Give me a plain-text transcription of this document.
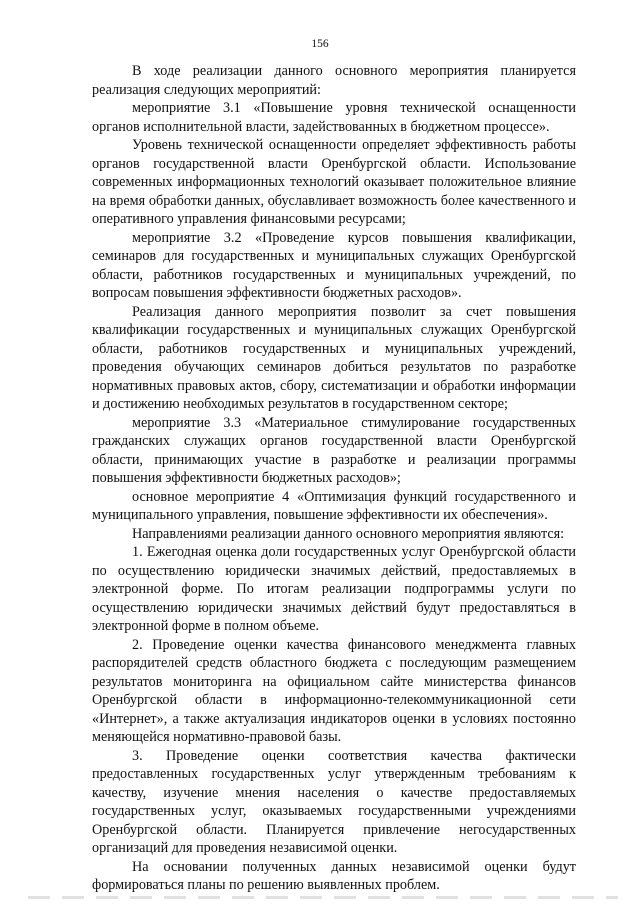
156

В ходе реализации данного основного мероприятия планируется реализация следующих мероприятий:

мероприятие 3.1 «Повышение уровня технической оснащенности органов исполнительной власти, задействованных в бюджетном процессе».

Уровень технической оснащенности определяет эффективность работы органов государственной власти Оренбургской области. Использование современных информационных технологий оказывает положительное влияние на время обработки данных, обуславливает возможность более качественного и оперативного управления финансовыми ресурсами;

мероприятие 3.2 «Проведение курсов повышения квалификации, семинаров для государственных и муниципальных служащих Оренбургской области, работников государственных и муниципальных учреждений, по вопросам повышения эффективности бюджетных расходов».

Реализация данного мероприятия позволит за счет повышения квалификации государственных и муниципальных служащих Оренбургской области, работников государственных и муниципальных учреждений, проведения обучающих семинаров добиться результатов по разработке нормативных правовых актов, сбору, систематизации и обработки информации и достижению необходимых результатов в государственном секторе;

мероприятие 3.3 «Материальное стимулирование государственных гражданских служащих органов государственной власти Оренбургской области, принимающих участие в разработке и реализации программы повышения эффективности бюджетных расходов»;

основное мероприятие 4 «Оптимизация функций государственного и муниципального управления, повышение эффективности их обеспечения».

Направлениями реализации данного основного мероприятия являются:

1. Ежегодная оценка доли государственных услуг Оренбургской области по осуществлению юридически значимых действий, предоставляемых в электронной форме. По итогам реализации подпрограммы услуги по осуществлению юридически значимых действий будут предоставляться в электронной форме в полном объеме.

2. Проведение оценки качества финансового менеджмента главных распорядителей средств областного бюджета с последующим размещением результатов мониторинга на официальном сайте министерства финансов Оренбургской области в информационно-телекоммуникационной сети «Интернет», а также актуализация индикаторов оценки в условиях постоянно меняющейся нормативно-правовой базы.

3. Проведение оценки соответствия качества фактически предоставленных государственных услуг утвержденным требованиям к качеству, изучение мнения населения о качестве предоставляемых государственных услуг, оказываемых государственными учреждениями Оренбургской области. Планируется привлечение негосударственных организаций для проведения независимой оценки.

На основании полученных данных независимой оценки будут формироваться планы по решению выявленных проблем.
